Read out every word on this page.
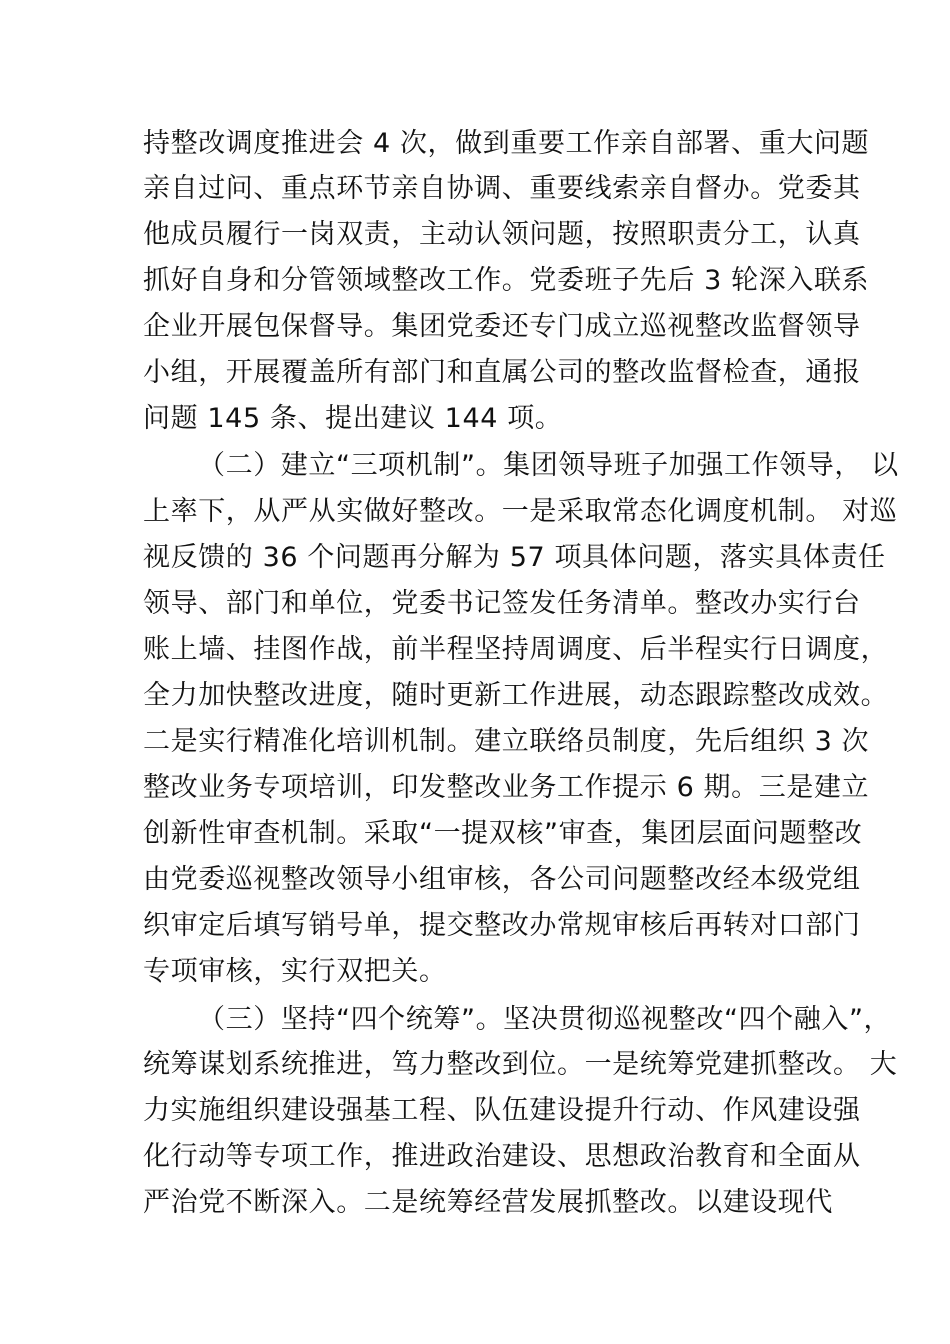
持整改调度推进会 4 次，做到重要工作亲自部署、重大问题
亲自过问、重点环节亲自协调、重要线索亲自督办。党委其
他成员履行一岗双责，主动认领问题，按照职责分工，认真
抓好自身和分管领域整改工作。党委班子先后 3 轮深入联系
企业开展包保督导。集团党委还专门成立巡视整改监督领导
小组，开展覆盖所有部门和直属公司的整改监督检查，通报
问题 145 条、提出建议 144 项。
（二）建立“三项机制”。集团领导班子加强工作领导， 以
上率下，从严从实做好整改。一是采取常态化调度机制。 对巡
视反馈的 36 个问题再分解为 57 项具体问题，落实具体责任
领导、部门和单位，党委书记签发任务清单。整改办实行台
账上墙、挂图作战，前半程坚持周调度、后半程实行日调度，
全力加快整改进度，随时更新工作进展，动态跟踪整改成效。
二是实行精准化培训机制。建立联络员制度，先后组织 3 次
整改业务专项培训，印发整改业务工作提示 6 期。三是建立
创新性审查机制。采取“一提双核”审查，集团层面问题整改
由党委巡视整改领导小组审核，各公司问题整改经本级党组
织审定后填写销号单，提交整改办常规审核后再转对口部门
专项审核，实行双把关。
（三）坚持“四个统筹”。坚决贯彻巡视整改“四个融入”，
统筹谋划系统推进，笃力整改到位。一是统筹党建抓整改。 大
力实施组织建设强基工程、队伍建设提升行动、作风建设强
化行动等专项工作，推进政治建设、思想政治教育和全面从
严治党不断深入。二是统筹经营发展抓整改。以建设现代
